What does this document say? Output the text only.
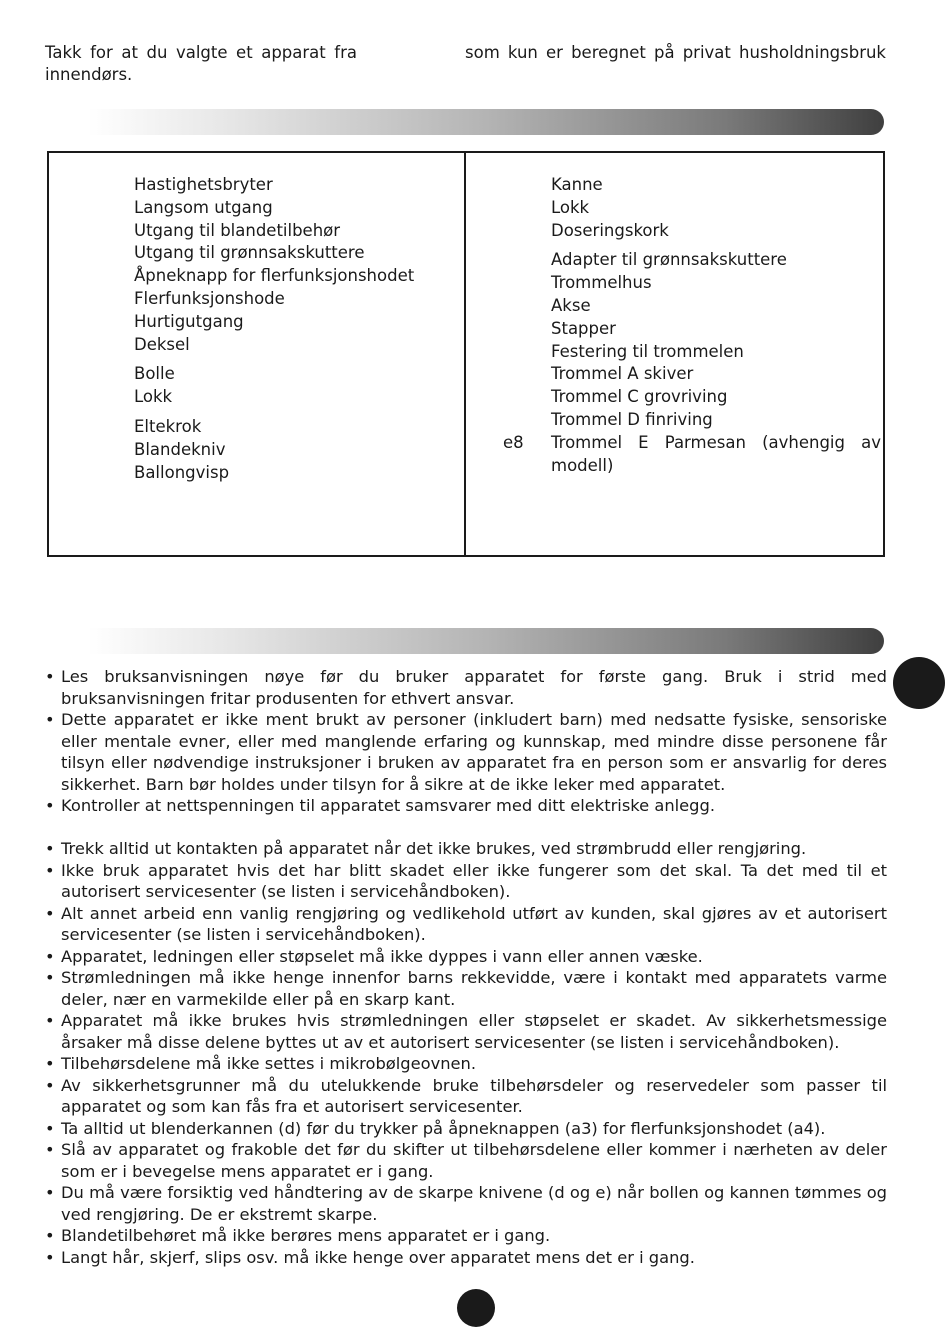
Takk for at du valgte et apparat fra
innendørs.
som kun er beregnet på privat husholdningsbruk
Hastighetsbryter
Langsom utgang
Utgang til blandetilbehør
Utgang til grønnsakskuttere
Åpneknapp for flerfunksjonshodet
Flerfunksjonshode
Hurtigutgang
Deksel
Bolle
Lokk
Eltekrok
Blandekniv
Ballongvisp
Kanne
Lokk
Doseringskork
Adapter til grønnsakskuttere
Trommelhus
Akse
Stapper
Festering til trommelen
Trommel A skiver
Trommel C grovriving
Trommel D finriving
e8 Trommel E Parmesan (avhengig av modell)
• Les bruksanvisningen nøye før du bruker apparatet for første gang. Bruk i strid med bruksanvisningen fritar produsenten for ethvert ansvar.
• Dette apparatet er ikke ment brukt av personer (inkludert barn) med nedsatte fysiske, sensoriske eller mentale evner, eller med manglende erfaring og kunnskap, med mindre disse personene får tilsyn eller nødvendige instruksjoner i bruken av apparatet fra en person som er ansvarlig for deres sikkerhet. Barn bør holdes under tilsyn for å sikre at de ikke leker med apparatet.
• Kontroller at nettspenningen til apparatet samsvarer med ditt elektriske anlegg.
• Trekk alltid ut kontakten på apparatet når det ikke brukes, ved strømbrudd eller rengjøring.
• Ikke bruk apparatet hvis det har blitt skadet eller ikke fungerer som det skal. Ta det med til et autorisert servicesenter (se listen i servicehåndboken).
• Alt annet arbeid enn vanlig rengjøring og vedlikehold utført av kunden, skal gjøres av et autorisert servicesenter (se listen i servicehåndboken).
• Apparatet, ledningen eller støpselet må ikke dyppes i vann eller annen væske.
• Strømledningen må ikke henge innenfor barns rekkevidde, være i kontakt med apparatets varme deler, nær en varmekilde eller på en skarp kant.
• Apparatet må ikke brukes hvis strømledningen eller støpselet er skadet. Av sikkerhetsmessige årsaker må disse delene byttes ut av et autorisert servicesenter (se listen i servicehåndboken).
• Tilbehørsdelene må ikke settes i mikrobølgeovnen.
• Av sikkerhetsgrunner må du utelukkende bruke tilbehørsdeler og reservedeler som passer til apparatet og som kan fås fra et autorisert servicesenter.
• Ta alltid ut blenderkannen (d) før du trykker på åpneknappen (a3) for flerfunksjonshodet (a4).
• Slå av apparatet og frakoble det før du skifter ut tilbehørsdelene eller kommer i nærheten av deler som er i bevegelse mens apparatet er i gang.
• Du må være forsiktig ved håndtering av de skarpe knivene (d og e) når bollen og kannen tømmes og ved rengjøring. De er ekstremt skarpe.
• Blandetilbehøret må ikke berøres mens apparatet er i gang.
• Langt hår, skjerf, slips osv. må ikke henge over apparatet mens det er i gang.
